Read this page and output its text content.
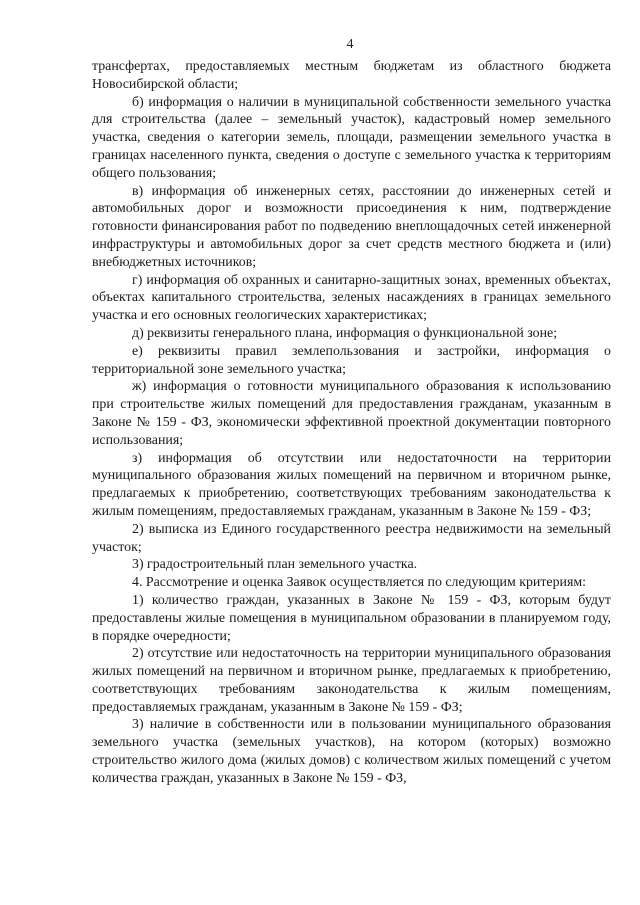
4

трансфертах, предоставляемых местным бюджетам из областного бюджета Новосибирской области;

б) информация о наличии в муниципальной собственности земельного участка для строительства (далее – земельный участок), кадастровый номер земельного участка, сведения о категории земель, площади, размещении земельного участка в границах населенного пункта, сведения о доступе с земельного участка к территориям общего пользования;

в) информация об инженерных сетях, расстоянии до инженерных сетей и автомобильных дорог и возможности присоединения к ним, подтверждение готовности финансирования работ по подведению внеплощадочных сетей инженерной инфраструктуры и автомобильных дорог за счет средств местного бюджета и (или) внебюджетных источников;

г) информация об охранных и санитарно-защитных зонах, временных объектах, объектах капитального строительства, зеленых насаждениях в границах земельного участка и его основных геологических характеристиках;

д) реквизиты генерального плана, информация о функциональной зоне;

е) реквизиты правил землепользования и застройки, информация о территориальной зоне земельного участка;

ж) информация о готовности муниципального образования к использованию при строительстве жилых помещений для предоставления гражданам, указанным в Законе № 159 - ФЗ, экономически эффективной проектной документации повторного использования;

з) информация об отсутствии или недостаточности на территории муниципального образования жилых помещений на первичном и вторичном рынке, предлагаемых к приобретению, соответствующих требованиям законодательства к жилым помещениям, предоставляемых гражданам, указанным в Законе № 159 - ФЗ;

2) выписка из Единого государственного реестра недвижимости на земельный участок;

3) градостроительный план земельного участка.

4. Рассмотрение и оценка Заявок осуществляется по следующим критериям:

1) количество граждан, указанных в Законе № 159 - ФЗ, которым будут предоставлены жилые помещения в муниципальном образовании в планируемом году, в порядке очередности;

2) отсутствие или недостаточность на территории муниципального образования жилых помещений на первичном и вторичном рынке, предлагаемых к приобретению, соответствующих требованиям законодательства к жилым помещениям, предоставляемых гражданам, указанным в Законе № 159 - ФЗ;

3) наличие в собственности или в пользовании муниципального образования земельного участка (земельных участков), на котором (которых) возможно строительство жилого дома (жилых домов) с количеством жилых помещений с учетом количества граждан, указанных в Законе № 159 - ФЗ,
